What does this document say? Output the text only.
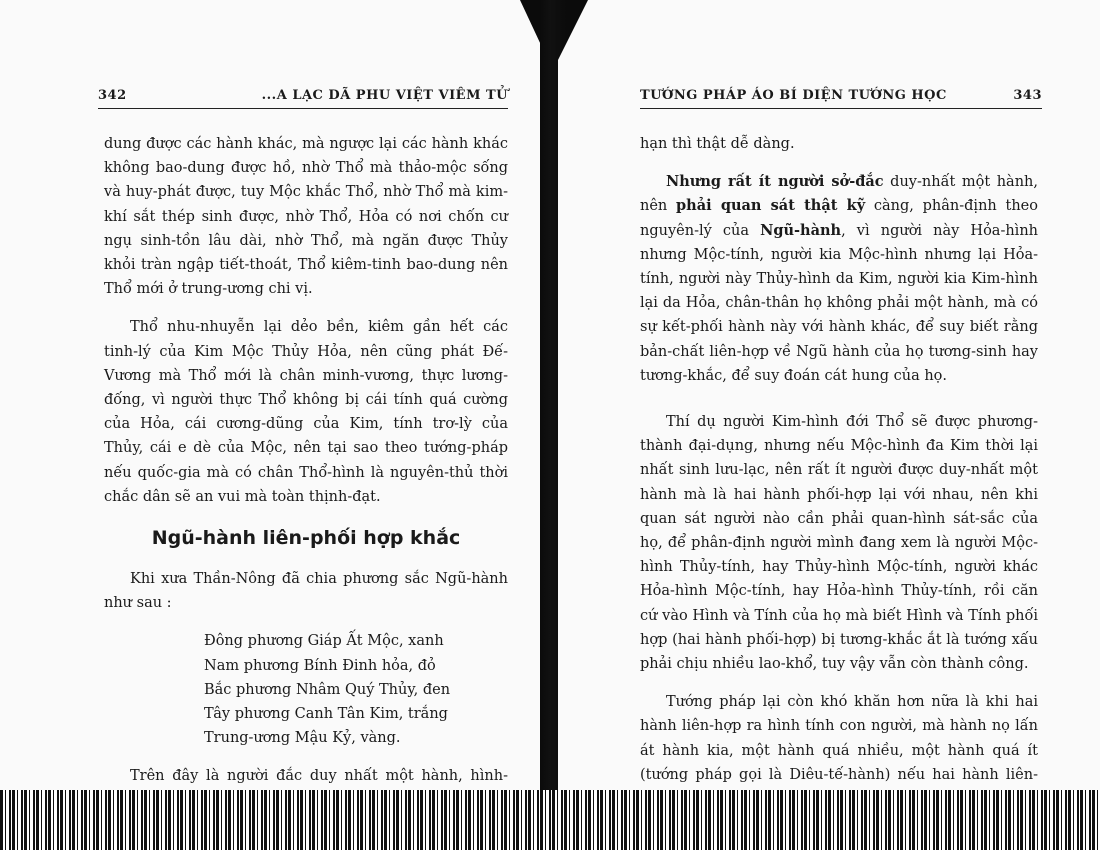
342	...A LẠC DÃ PHU VIỆT VIÊM TỬ

dung được các hành khác, mà ngược lại các hành khác không bao-dung được hồ, nhờ Thổ mà thảo-mộc sống và huy-phát được, tuy Mộc khắc Thổ, nhờ Thổ mà kim-khí sắt thép sinh được, nhờ Thổ, Hỏa có nơi chốn cư ngụ sinh-tồn lâu dài, nhờ Thổ, mà ngăn được Thủy khỏi tràn ngập tiết-thoát, Thổ kiêm-tinh bao-dung nên Thổ mới ở trung-ương chi vị.

Thổ nhu-nhuyễn lại dẻo bền, kiêm gần hết các tinh-lý của Kim Mộc Thủy Hỏa, nên cũng phát Đế-Vương mà Thổ mới là chân minh-vương, thực lương-đống, vì người thực Thổ không bị cái tính quá cường của Hỏa, cái cương-dũng của Kim, tính trơ-lỳ của Thủy, cái e dè của Mộc, nên tại sao theo tướng-pháp nếu quốc-gia mà có chân Thổ-hình là nguyên-thủ thời chắc dân sẽ an vui mà toàn thịnh-đạt.

Ngũ-hành liên-phối hợp khắc

Khi xưa Thần-Nông đã chia phương sắc Ngũ-hành như sau :

Đông phương Giáp Ất Mộc, xanh
Nam phương Bính Đinh hỏa, đỏ
Bắc phương Nhâm Quý Thủy, đen
Tây phương Canh Tân Kim, trắng
Trung-ương Mậu Kỷ, vàng.

Trên đây là người đắc duy nhất một hành, hình-

TƯỚNG PHÁP ÁO BÍ DIỆN TƯỚNG HỌC	343

hạn thì thật dễ dàng.

Nhưng rất ít người sở-đắc duy-nhất một hành, nên phải quan sát thật kỹ càng, phân-định theo nguyên-lý của Ngũ-hành, vì người này Hỏa-hình nhưng Mộc-tính, người kia Mộc-hình nhưng lại Hỏa-tính, người này Thủy-hình da Kim, người kia Kim-hình lại da Hỏa, chân-thân họ không phải một hành, mà có sự kết-phối hành này với hành khác, để suy biết rằng bản-chất liên-hợp về Ngũ hành của họ tương-sinh hay tương-khắc, để suy đoán cát hung của họ.

Thí dụ người Kim-hình đới Thổ sẽ được phương-thành đại-dụng, nhưng nếu Mộc-hình đa Kim thời lại nhất sinh lưu-lạc, nên rất ít người được duy-nhất một hành mà là hai hành phối-hợp lại với nhau, nên khi quan sát người nào cần phải quan-hình sát-sắc của họ, để phân-định người mình đang xem là người Mộc-hình Thủy-tính, hay Thủy-hình Mộc-tính, người khác Hỏa-hình Mộc-tính, hay Hỏa-hình Thủy-tính, rồi căn cứ vào Hình và Tính của họ mà biết Hình và Tính phối hợp (hai hành phối-hợp) bị tương-khắc ắt là tướng xấu phải chịu nhiều lao-khổ, tuy vậy vẫn còn thành công.

Tướng pháp lại còn khó khăn hơn nữa là khi hai hành liên-hợp ra hình tính con người, mà hành nọ lấn át hành kia, một hành quá nhiều, một hành quá ít (tướng pháp gọi là Diêu-tế-hành) nếu hai hành liên-
